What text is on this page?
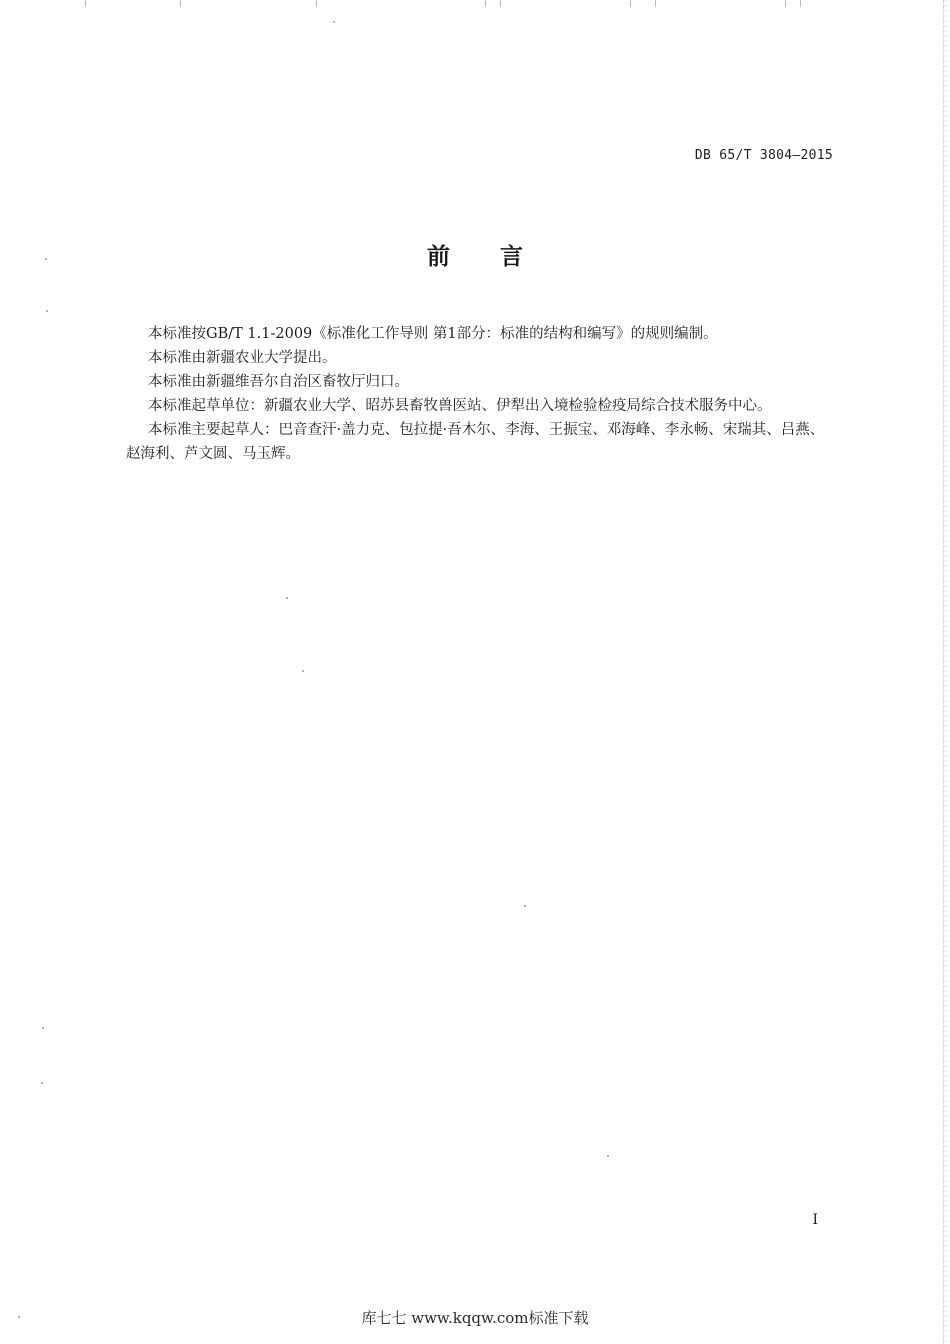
DB 65/T 3804—2015
前言

本标准按GB/T 1.1-2009《标准化工作导则 第1部分：标准的结构和编写》的规则编制。

本标准由新疆农业大学提出。

本标准由新疆维吾尔自治区畜牧厅归口。

本标准起草单位：新疆农业大学、昭苏县畜牧兽医站、伊犁出入境检验检疫局综合技术服务中心。

本标准主要起草人：巴音查汗·盖力克、包拉提·吾木尔、李海、王振宝、邓海峰、李永畅、宋瑞其、吕燕、赵海利、芦文圆、马玉辉。

I
库七七 www.kqqw.com标准下载
